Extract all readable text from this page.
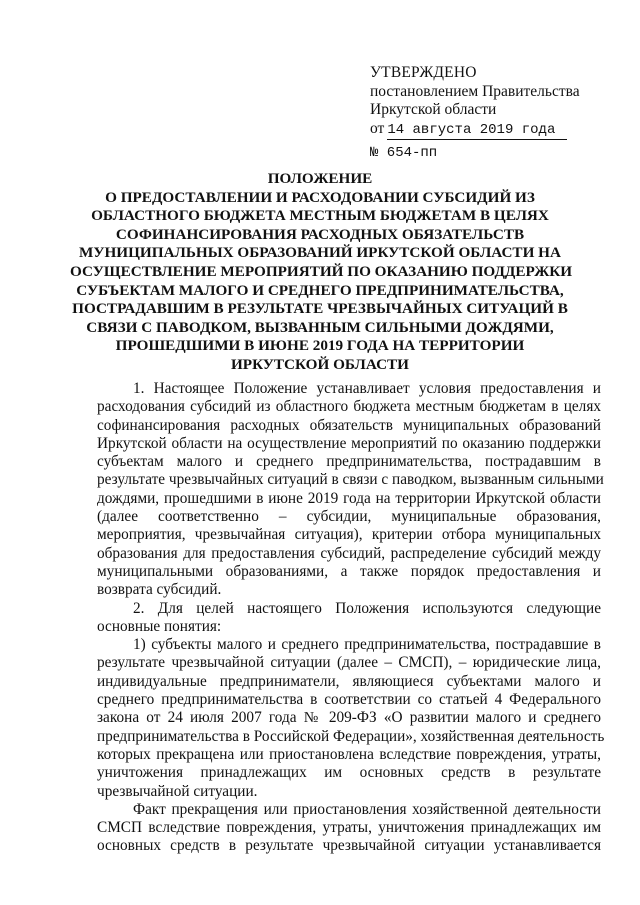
УТВЕРЖДЕНО
постановлением Правительства
Иркутской области
от 14 августа 2019 года
№ 654-пп
ПОЛОЖЕНИЕ
О ПРЕДОСТАВЛЕНИИ И РАСХОДОВАНИИ СУБСИДИЙ ИЗ
ОБЛАСТНОГО БЮДЖЕТА МЕСТНЫМ БЮДЖЕТАМ В ЦЕЛЯХ
СОФИНАНСИРОВАНИЯ РАСХОДНЫХ ОБЯЗАТЕЛЬСТВ
МУНИЦИПАЛЬНЫХ ОБРАЗОВАНИЙ ИРКУТСКОЙ ОБЛАСТИ НА
ОСУЩЕСТВЛЕНИЕ МЕРОПРИЯТИЙ ПО ОКАЗАНИЮ ПОДДЕРЖКИ
СУБЪЕКТАМ МАЛОГО И СРЕДНЕГО ПРЕДПРИНИМАТЕЛЬСТВА,
ПОСТРАДАВШИМ В РЕЗУЛЬТАТЕ ЧРЕЗВЫЧАЙНЫХ СИТУАЦИЙ В
СВЯЗИ С ПАВОДКОМ, ВЫЗВАННЫМ СИЛЬНЫМИ ДОЖДЯМИ,
ПРОШЕДШИМИ В ИЮНЕ 2019 ГОДА НА ТЕРРИТОРИИ
ИРКУТСКОЙ ОБЛАСТИ
1. Настоящее Положение устанавливает условия предоставления и
расходования субсидий из областного бюджета местным бюджетам в целях
софинансирования расходных обязательств муниципальных образований
Иркутской области на осуществление мероприятий по оказанию поддержки
субъектам малого и среднего предпринимательства, пострадавшим в
результате чрезвычайных ситуаций в связи с паводком, вызванным сильными
дождями, прошедшими в июне 2019 года на территории Иркутской области
(далее соответственно – субсидии, муниципальные образования,
мероприятия, чрезвычайная ситуация), критерии отбора муниципальных
образования для предоставления субсидий, распределение субсидий между
муниципальными образованиями, а также порядок предоставления и
возврата субсидий.
2. Для целей настоящего Положения используются следующие
основные понятия:
1) субъекты малого и среднего предпринимательства, пострадавшие в
результате чрезвычайной ситуации (далее – СМСП), – юридические лица,
индивидуальные предприниматели, являющиеся субъектами малого и
среднего предпринимательства в соответствии со статьей 4 Федерального
закона от 24 июля 2007 года № 209-ФЗ «О развитии малого и среднего
предпринимательства в Российской Федерации», хозяйственная деятельность
которых прекращена или приостановлена вследствие повреждения, утраты,
уничтожения принадлежащих им основных средств в результате
чрезвычайной ситуации.
Факт прекращения или приостановления хозяйственной деятельности
СМСП вследствие повреждения, утраты, уничтожения принадлежащих им
основных средств в результате чрезвычайной ситуации устанавливается
